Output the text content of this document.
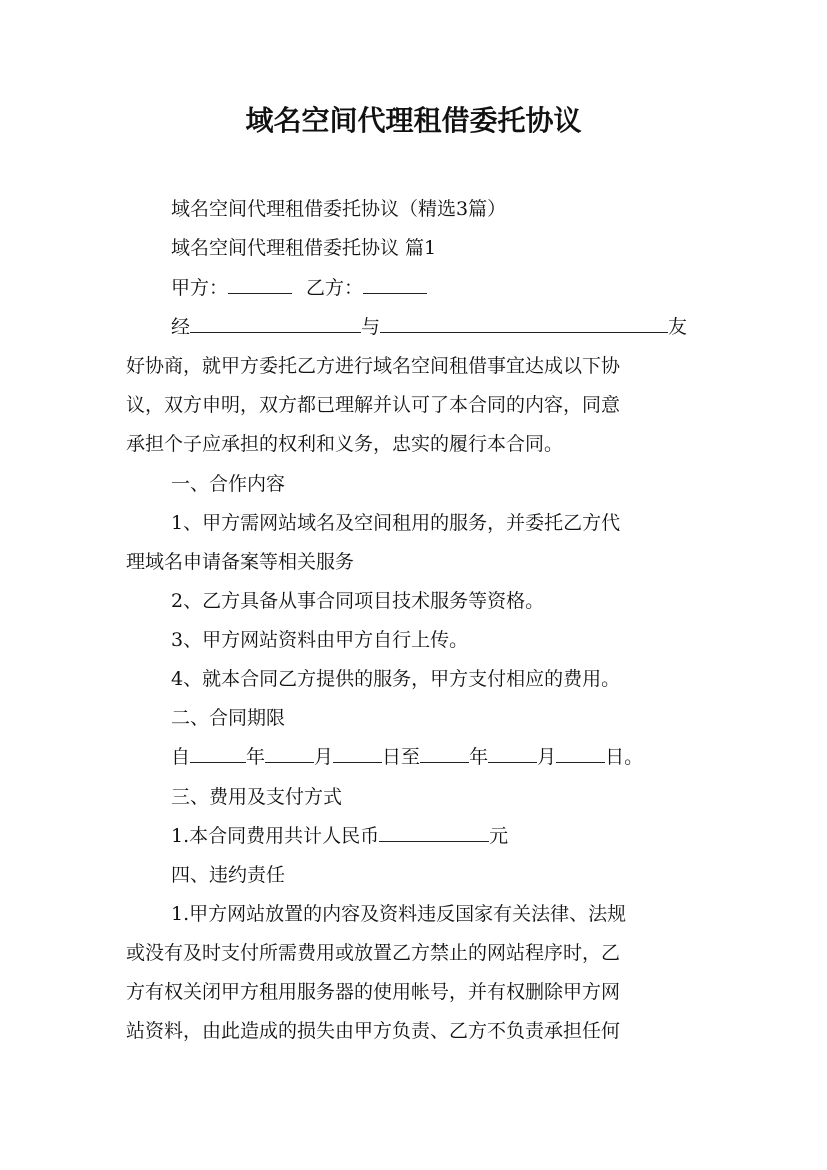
域名空间代理租借委托协议
域名空间代理租借委托协议（精选3篇）
域名空间代理租借委托协议 篇1
甲方：	乙方：
经	与	友
好协商，就甲方委托乙方进行域名空间租借事宜达成以下协
议，双方申明，双方都已理解并认可了本合同的内容，同意
承担个子应承担的权利和义务，忠实的履行本合同。
一、合作内容
1、甲方需网站域名及空间租用的服务，并委托乙方代
理域名申请备案等相关服务
2、乙方具备从事合同项目技术服务等资格。
3、甲方网站资料由甲方自行上传。
4、就本合同乙方提供的服务，甲方支付相应的费用。
二、合同期限
自	年	月	日至	年	月	日。
三、费用及支付方式
1.本合同费用共计人民币	元
四、违约责任
1.甲方网站放置的内容及资料违反国家有关法律、法规
或没有及时支付所需费用或放置乙方禁止的网站程序时，乙
方有权关闭甲方租用服务器的使用帐号，并有权删除甲方网
站资料，由此造成的损失由甲方负责、乙方不负责承担任何
